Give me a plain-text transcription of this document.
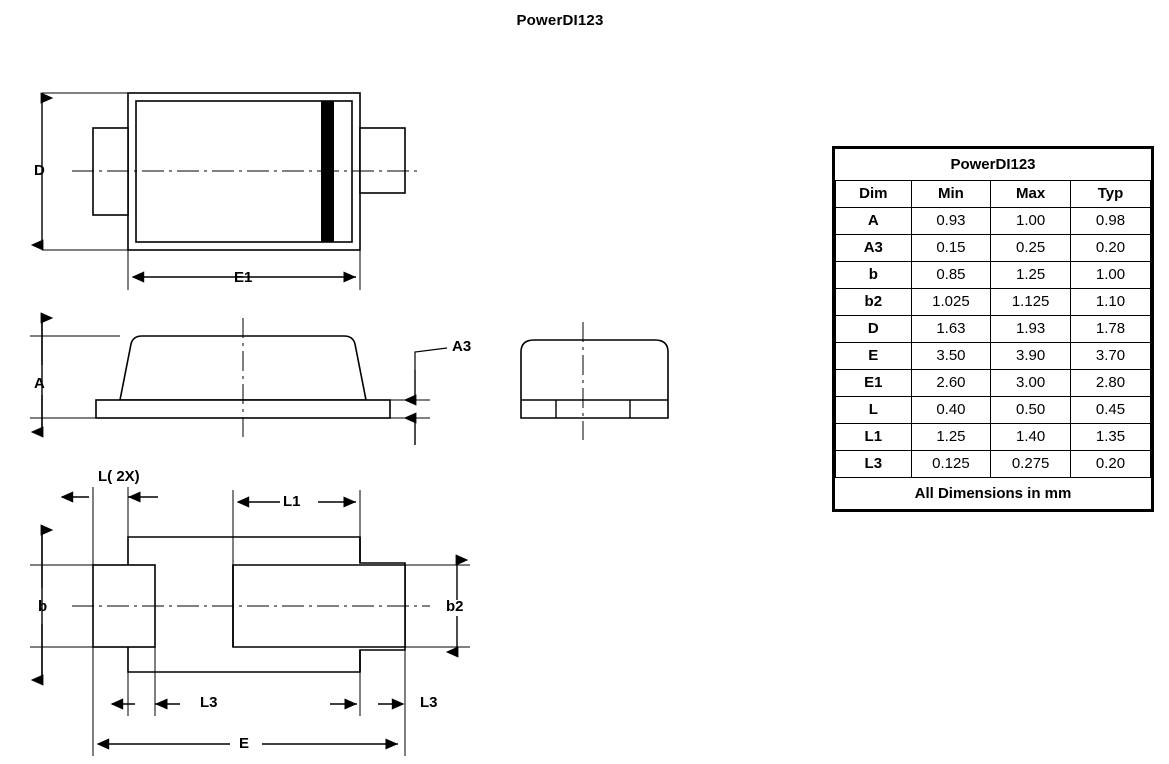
PowerDI123
D
E1
A
A3
L( 2X)
L1
b	b2
L3	L3
E
PowerDI123			
Dim	Min	Max	Typ
A	0.93	1.00	0.98
A3	0.15	0.25	0.20
b	0.85	1.25	1.00
b2	1.025	1.125	1.10
D	1.63	1.93	1.78
E	3.50	3.90	3.70
E1	2.60	3.00	2.80
L	0.40	0.50	0.45
L1	1.25	1.40	1.35
L3	0.125	0.275	0.20
All Dimensions in mm			
